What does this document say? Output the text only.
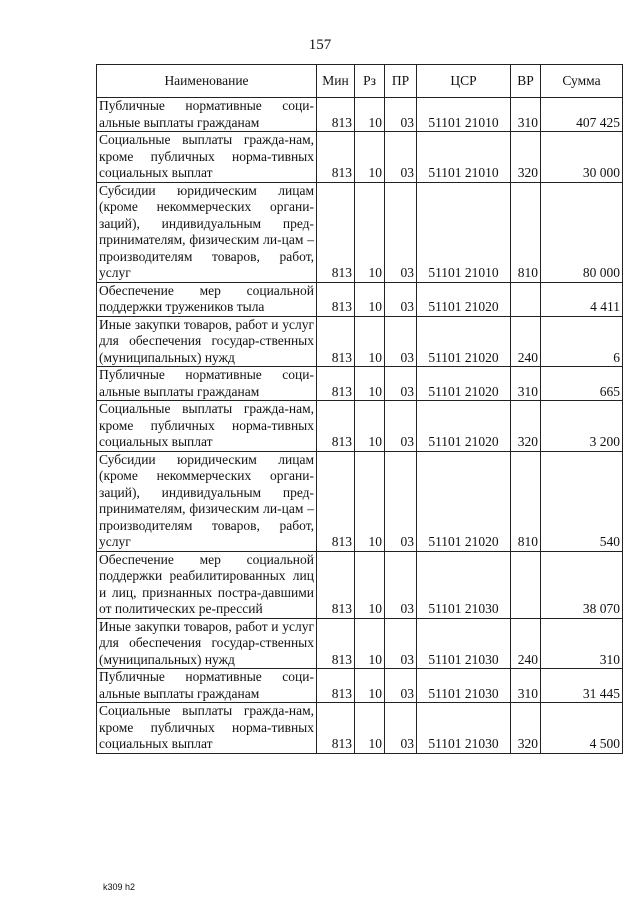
157
Наименование	Мин	Рз	ПР	ЦСР	ВР	Сумма
Публичные нормативные соци-альные выплаты гражданам	813	10	03	51101 21010	310	407 425
Социальные выплаты гражда-нам, кроме публичных норма-тивных социальных выплат	813	10	03	51101 21010	320	30 000
Субсидии юридическим лицам (кроме некоммерческих органи-заций), индивидуальным пред-принимателям, физическим ли-цам – производителям товаров, работ, услуг	813	10	03	51101 21010	810	80 000
Обеспечение мер социальной поддержки тружеников тыла	813	10	03	51101 21020		4 411
Иные закупки товаров, работ и услуг для обеспечения государ-ственных (муниципальных) нужд	813	10	03	51101 21020	240	6
Публичные нормативные соци-альные выплаты гражданам	813	10	03	51101 21020	310	665
Социальные выплаты гражда-нам, кроме публичных норма-тивных социальных выплат	813	10	03	51101 21020	320	3 200
Субсидии юридическим лицам (кроме некоммерческих органи-заций), индивидуальным пред-принимателям, физическим ли-цам – производителям товаров, работ, услуг	813	10	03	51101 21020	810	540
Обеспечение мер социальной поддержки реабилитированных лиц и лиц, признанных постра-давшими от политических ре-прессий	813	10	03	51101 21030		38 070
Иные закупки товаров, работ и услуг для обеспечения государ-ственных (муниципальных) нужд	813	10	03	51101 21030	240	310
Публичные нормативные соци-альные выплаты гражданам	813	10	03	51101 21030	310	31 445
Социальные выплаты гражда-нам, кроме публичных норма-тивных социальных выплат	813	10	03	51101 21030	320	4 500
k309 h2
